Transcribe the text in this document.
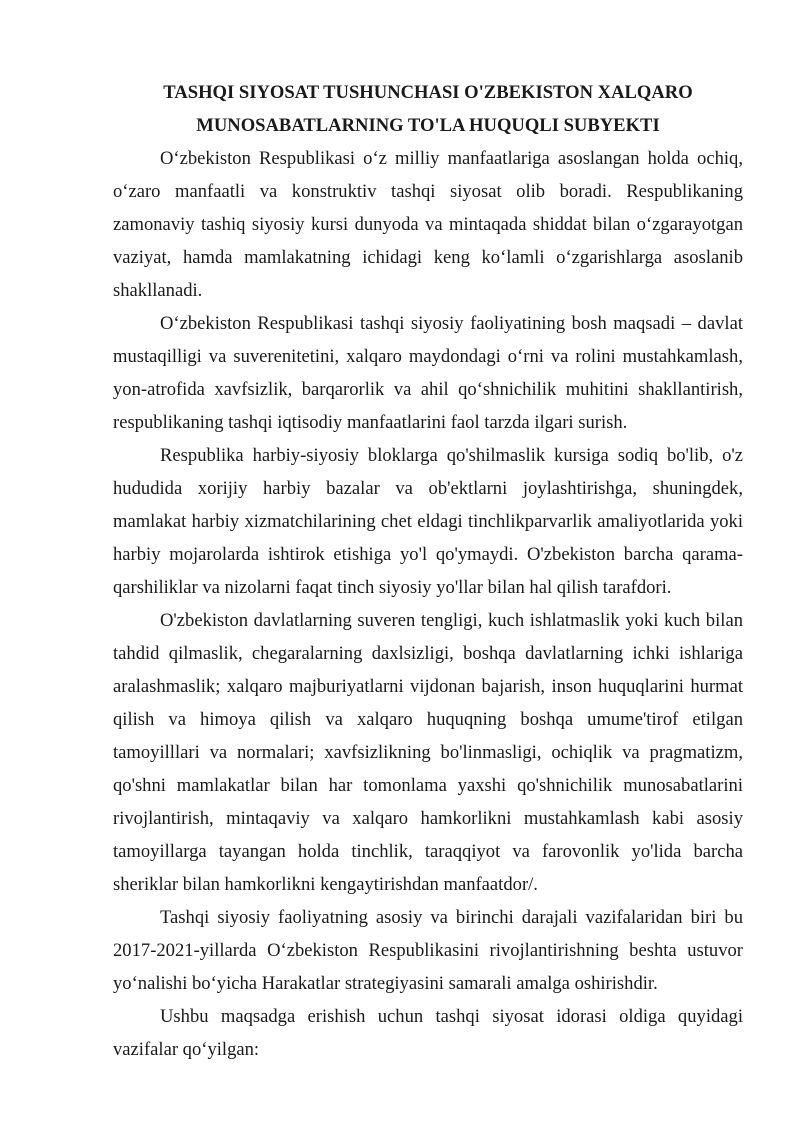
TASHQI SIYOSAT TUSHUNCHASI O'ZBEKISTON XALQARO
MUNOSABATLARNING TO'LA HUQUQLI SUBYEKTI

O‘zbekiston Respublikasi o‘z milliy manfaatlariga asoslangan holda ochiq, o‘zaro manfaatli va konstruktiv tashqi siyosat olib boradi. Respublikaning zamonaviy tashiq siyosiy kursi dunyoda va mintaqada shiddat bilan o‘zgarayotgan vaziyat, hamda mamlakatning ichidagi keng ko‘lamli o‘zgarishlarga asoslanib shakllanadi.

O‘zbekiston Respublikasi tashqi siyosiy faoliyatining bosh maqsadi – davlat mustaqilligi va suverenitetini, xalqaro maydondagi o‘rni va rolini mustahkamlash, yon-atrofida xavfsizlik, barqarorlik va ahil qo‘shnichilik muhitini shakllantirish, respublikaning tashqi iqtisodiy manfaatlarini faol tarzda ilgari surish.

Respublika harbiy-siyosiy bloklarga qo'shilmaslik kursiga sodiq bo'lib, o'z hududida xorijiy harbiy bazalar va ob'ektlarni joylashtirishga, shuningdek, mamlakat harbiy xizmatchilarining chet eldagi tinchlikparvarlik amaliyotlarida yoki harbiy mojarolarda ishtirok etishiga yo'l qo'ymaydi. O'zbekiston barcha qarama-qarshiliklar va nizolarni faqat tinch siyosiy yo'llar bilan hal qilish tarafdori.

O'zbekiston davlatlarning suveren tengligi, kuch ishlatmaslik yoki kuch bilan tahdid qilmaslik, chegaralarning daxlsizligi, boshqa davlatlarning ichki ishlariga aralashmaslik; xalqaro majburiyatlarni vijdonan bajarish, inson huquqlarini hurmat qilish va himoya qilish va xalqaro huquqning boshqa umume'tirof etilgan tamoyilllari va normalari; xavfsizlikning bo'linmasligi, ochiqlik va pragmatizm, qo'shni mamlakatlar bilan har tomonlama yaxshi qo'shnichilik munosabatlarini rivojlantirish, mintaqaviy va xalqaro hamkorlikni mustahkamlash kabi asosiy tamoyillarga tayangan holda tinchlik, taraqqiyot va farovonlik yo'lida barcha sheriklar bilan hamkorlikni kengaytirishdan manfaatdor/.

Tashqi siyosiy faoliyatning asosiy va birinchi darajali vazifalaridan biri bu 2017-2021-yillarda O‘zbekiston Respublikasini rivojlantirishning beshta ustuvor yo‘nalishi bo‘yicha Harakatlar strategiyasini samarali amalga oshirishdir.

Ushbu maqsadga erishish uchun tashqi siyosat idorasi oldiga quyidagi vazifalar qo‘yilgan:
